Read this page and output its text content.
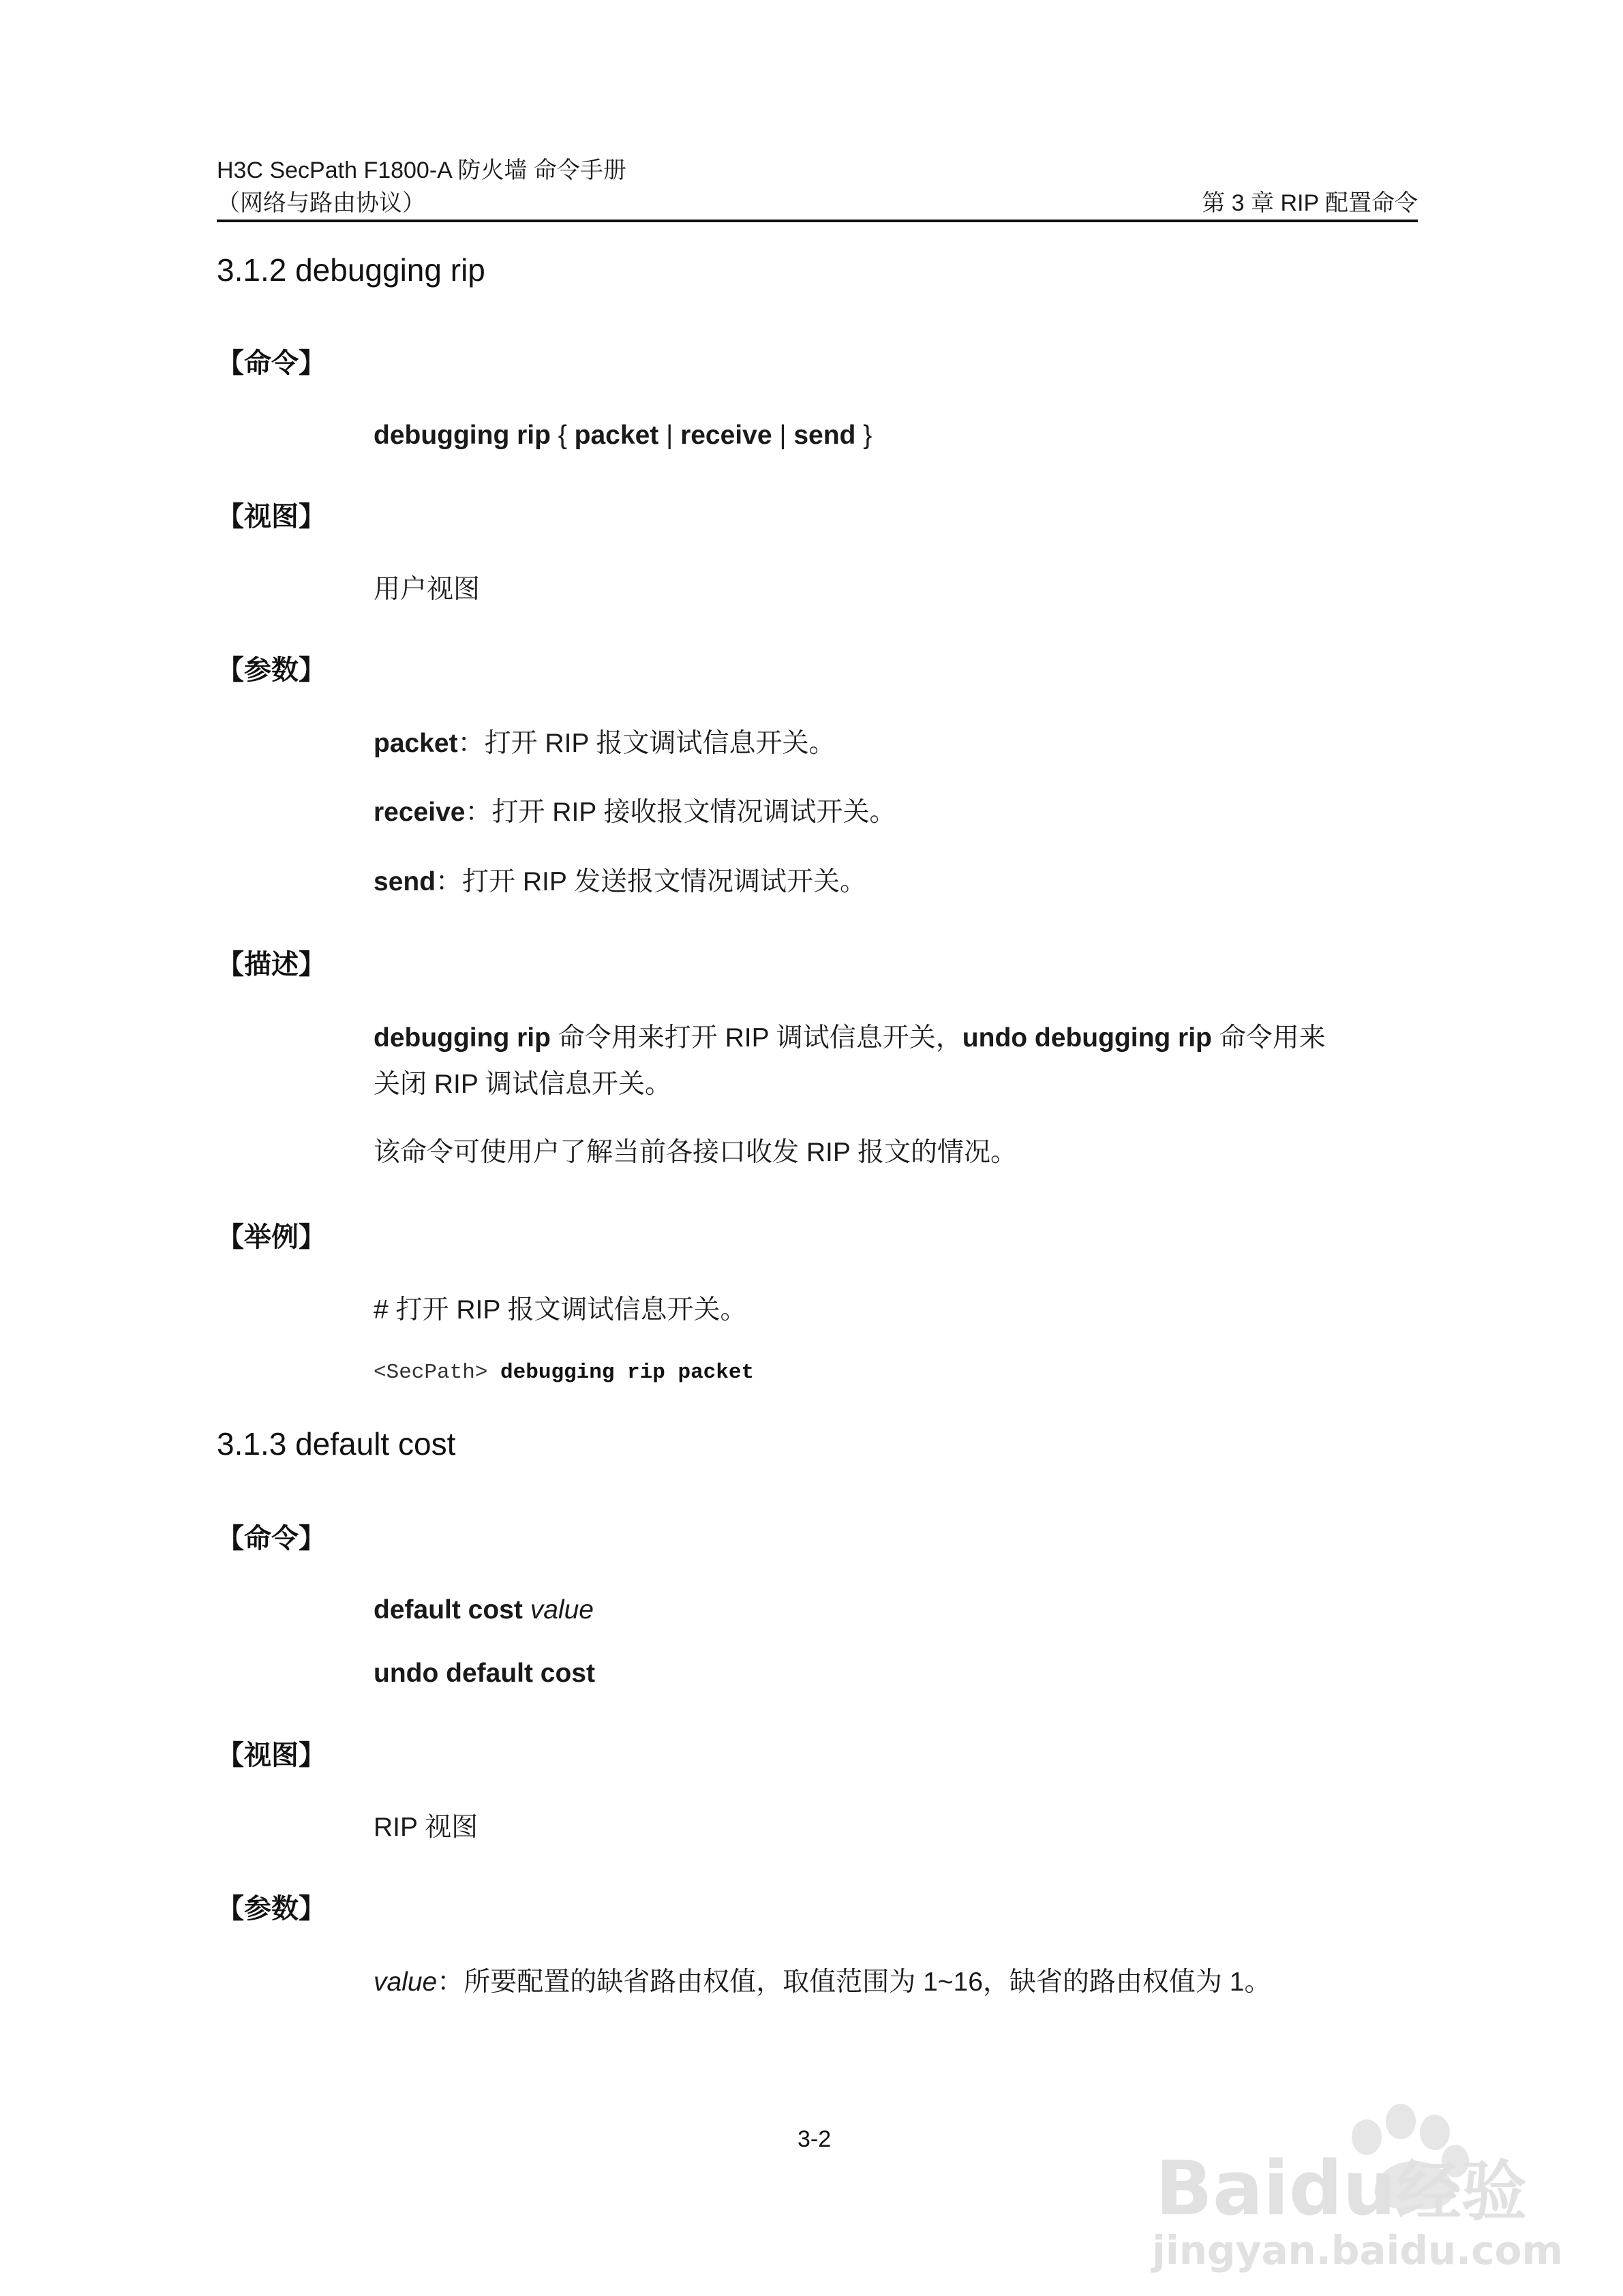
H3C SecPath F1800-A 防火墙 命令手册
（网络与路由协议）	第 3 章 RIP 配置命令
3.1.2 debugging rip
【命令】
debugging rip { packet | receive | send }
【视图】
用户视图
【参数】
packet：打开 RIP 报文调试信息开关。
receive：打开 RIP 接收报文情况调试开关。
send：打开 RIP 发送报文情况调试开关。
【描述】
debugging rip 命令用来打开 RIP 调试信息开关，undo debugging rip 命令用来
关闭 RIP 调试信息开关。
该命令可使用户了解当前各接口收发 RIP 报文的情况。
【举例】
# 打开 RIP 报文调试信息开关。
<SecPath> debugging rip packet
3.1.3 default cost
【命令】
default cost value
undo default cost
【视图】
RIP 视图
【参数】
value：所要配置的缺省路由权值，取值范围为 1~16，缺省的路由权值为 1。
3-2
Baidu经验
jingyan.baidu.com
